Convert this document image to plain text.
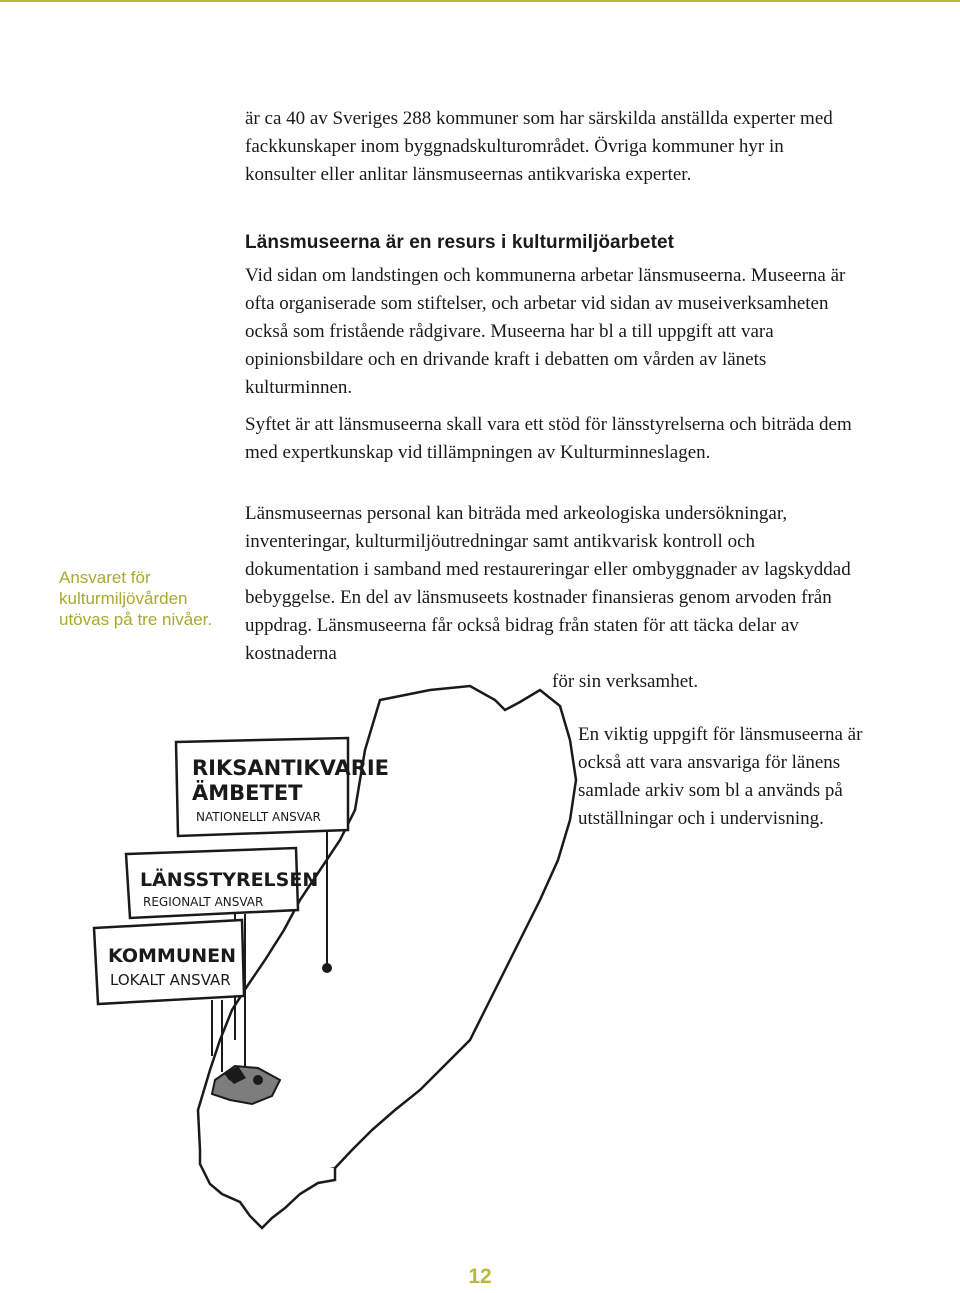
är ca 40 av Sveriges 288 kommuner som har särskilda anställda experter med fackkunskaper inom byggnadskulturområdet. Övriga kommuner hyr in konsulter eller anlitar länsmuseernas antikvariska experter.

Länsmuseerna är en resurs i kulturmiljöarbetet

Vid sidan om landstingen och kommunerna arbetar länsmuseerna. Museerna är ofta organiserade som stiftelser, och arbetar vid sidan av museiverksamheten också som fristående rådgivare. Museerna har bl a till uppgift att vara opinionsbildare och en drivande kraft i debatten om vården av länets kulturminnen.

Syftet är att länsmuseerna skall vara ett stöd för länsstyrelserna och biträda dem med expertkunskap vid tillämpningen av Kulturminneslagen.

Länsmuseernas personal kan biträda med arkeologiska undersökningar, inventeringar, kulturmiljöutredningar samt antikvarisk kontroll och dokumentation i samband med restaureringar eller ombyggnader av lagskyddad bebyggelse. En del av länsmuseets kostnader finansieras genom arvoden från uppdrag. Länsmuseerna får också bidrag från staten för att täcka delar av kostnaderna

för sin verksamhet.

En viktig uppgift för länsmuseerna är också att vara ansvariga för länens samlade arkiv som bl a används på utställningar och i undervisning.

Ansvaret för kulturmiljövården utövas på tre nivåer.
RIKSANTIKVARIE
ÄMBETET
NATIONELLT ANSVAR
LÄNSSTYRELSEN
REGIONALT ANSVAR
KOMMUNEN
LOKALT ANSVAR
12
